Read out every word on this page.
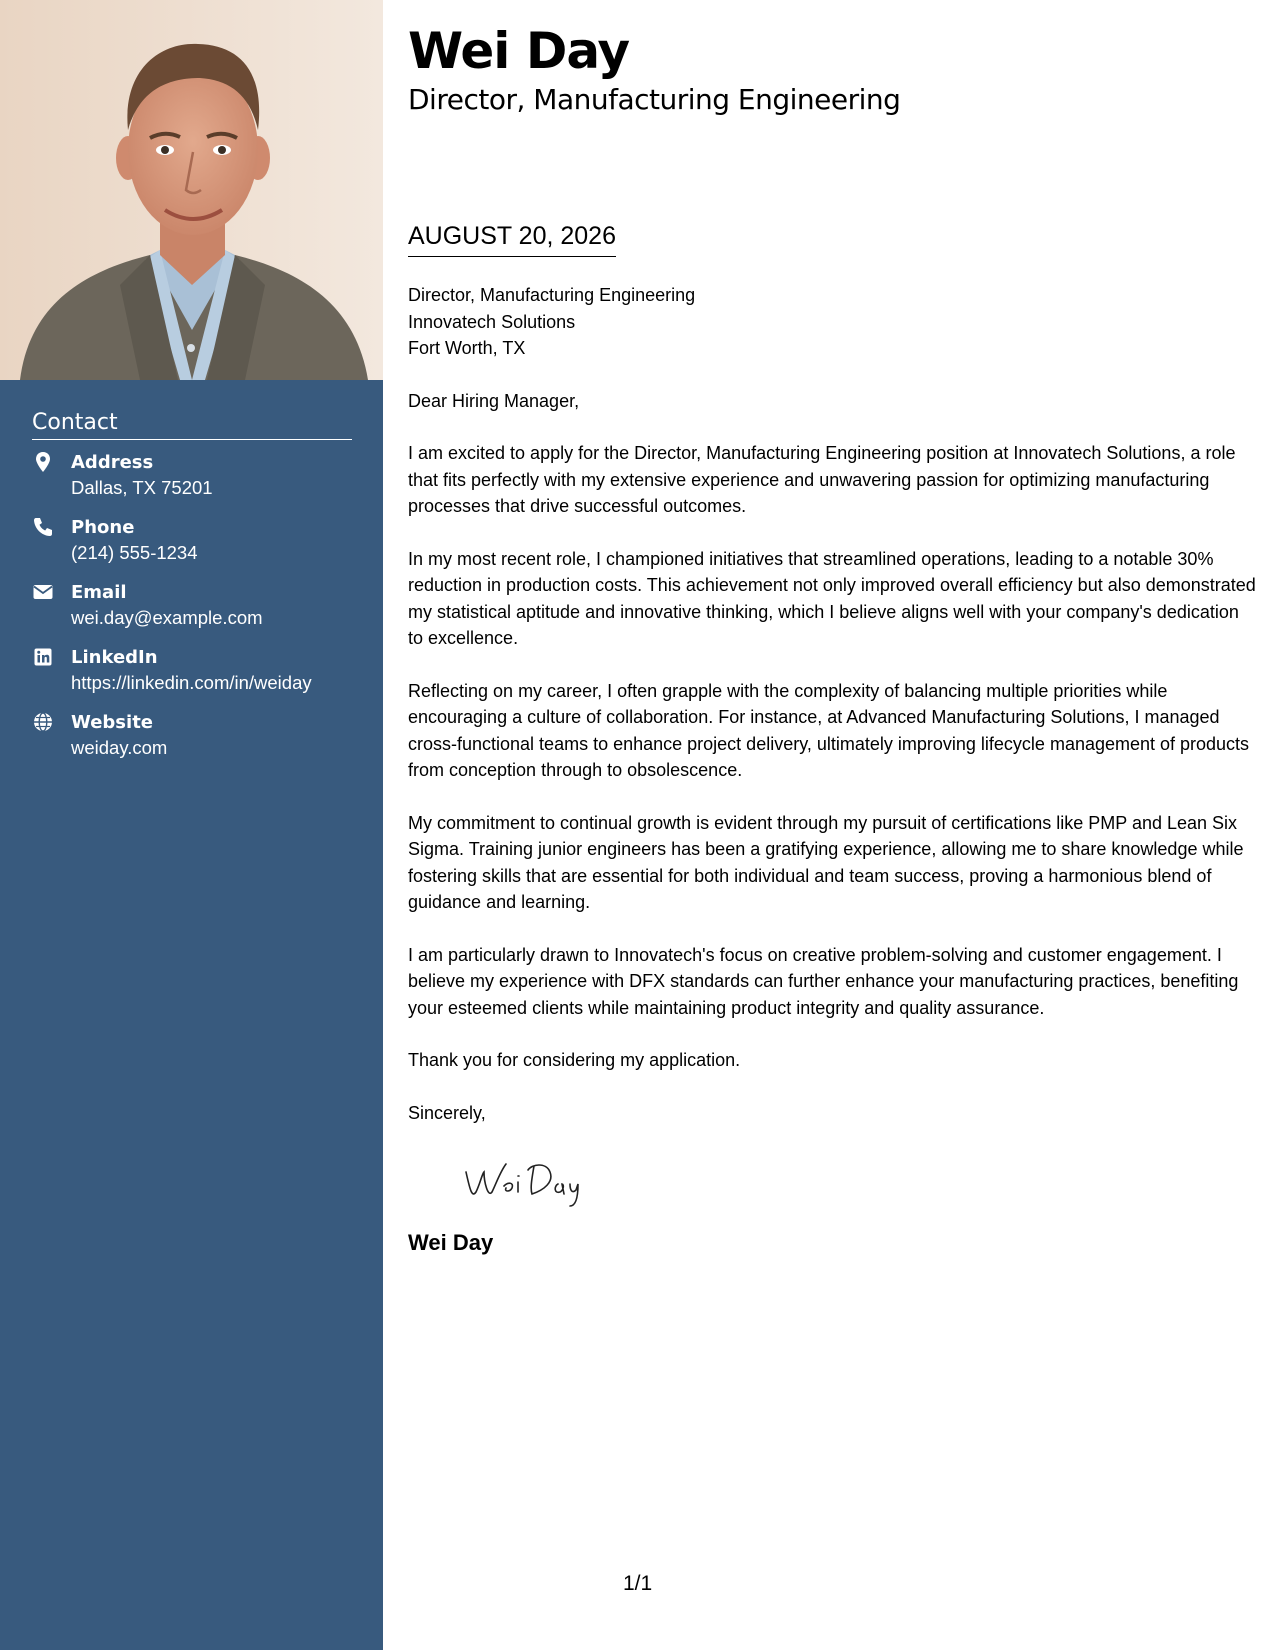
Contact
Address
Dallas, TX 75201
Phone
(214) 555-1234
Email
wei.day@example.com
LinkedIn
https://linkedin.com/in/weiday
Website
weiday.com
Wei Day
Director, Manufacturing Engineering
AUGUST 20, 2026

Director, Manufacturing Engineering
Innovatech Solutions
Fort Worth, TX

Dear Hiring Manager,

I am excited to apply for the Director, Manufacturing Engineering position at Innovatech Solutions, a role that fits perfectly with my extensive experience and unwavering passion for optimizing manufacturing processes that drive successful outcomes.

In my most recent role, I championed initiatives that streamlined operations, leading to a notable 30% reduction in production costs. This achievement not only improved overall efficiency but also demonstrated my statistical aptitude and innovative thinking, which I believe aligns well with your company's dedication to excellence.

Reflecting on my career, I often grapple with the complexity of balancing multiple priorities while encouraging a culture of collaboration. For instance, at Advanced Manufacturing Solutions, I managed cross-functional teams to enhance project delivery, ultimately improving lifecycle management of products from conception through to obsolescence.

My commitment to continual growth is evident through my pursuit of certifications like PMP and Lean Six Sigma. Training junior engineers has been a gratifying experience, allowing me to share knowledge while fostering skills that are essential for both individual and team success, proving a harmonious blend of guidance and learning.

I am particularly drawn to Innovatech's focus on creative problem-solving and customer engagement. I believe my experience with DFX standards can further enhance your manufacturing practices, benefiting your esteemed clients while maintaining product integrity and quality assurance.

Thank you for considering my application.

Sincerely,

Wei Day
1/1
